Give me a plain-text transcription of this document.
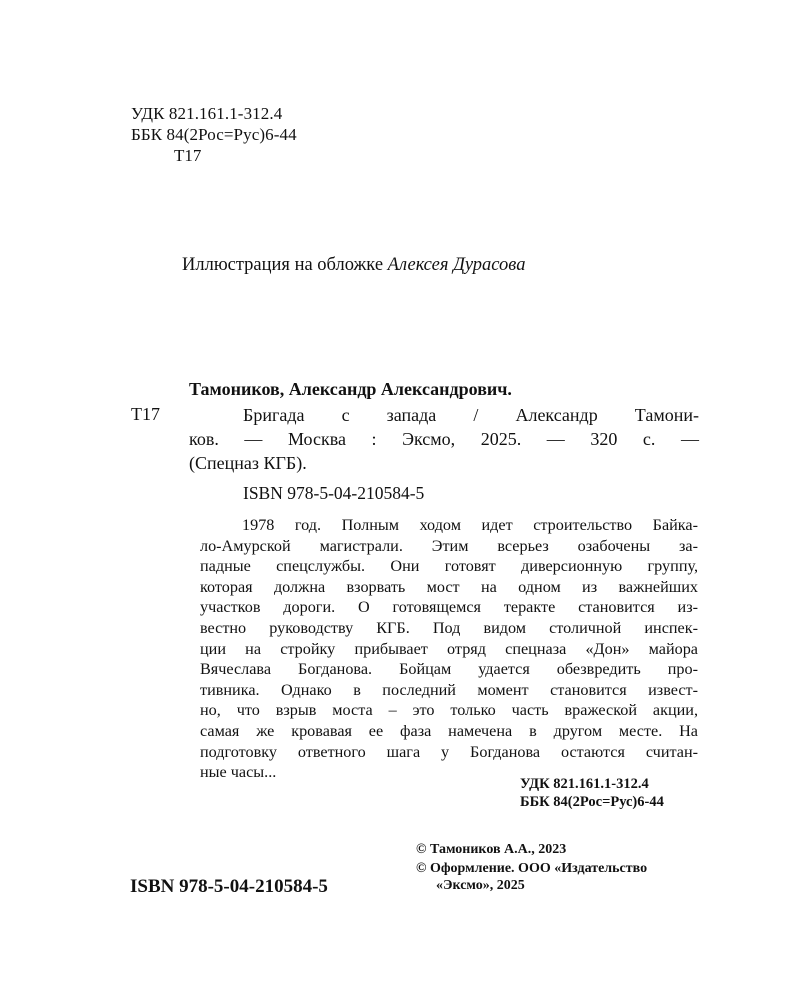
УДК 821.161.1-312.4
ББК 84(2Рос=Рус)6-44
Т17
Иллюстрация на обложке Алексея Дурасова
Т17
Тамоников, Александр Александрович.
Бригада с запада / Александр Тамони-
ков. — Москва : Эксмо, 2025. — 320 с. —
(Спецназ КГБ).
ISBN 978-5-04-210584-5
1978 год. Полным ходом идет строительство Байка-
ло-Амурской магистрали. Этим всерьез озабочены за-
падные спецслужбы. Они готовят диверсионную группу,
которая должна взорвать мост на одном из важнейших
участков дороги. О готовящемся теракте становится из-
вестно руководству КГБ. Под видом столичной инспек-
ции на стройку прибывает отряд спецназа «Дон» майора
Вячеслава Богданова. Бойцам удается обезвредить про-
тивника. Однако в последний момент становится извест-
но, что взрыв моста – это только часть вражеской акции,
самая же кровавая ее фаза намечена в другом месте. На
подготовку ответного шага у Богданова остаются считан-
ные часы...
УДК 821.161.1-312.4
ББК 84(2Рос=Рус)6-44
© Тамоников А.А., 2023
© Оформление. ООО «Издательство
«Эксмо», 2025
ISBN 978-5-04-210584-5
